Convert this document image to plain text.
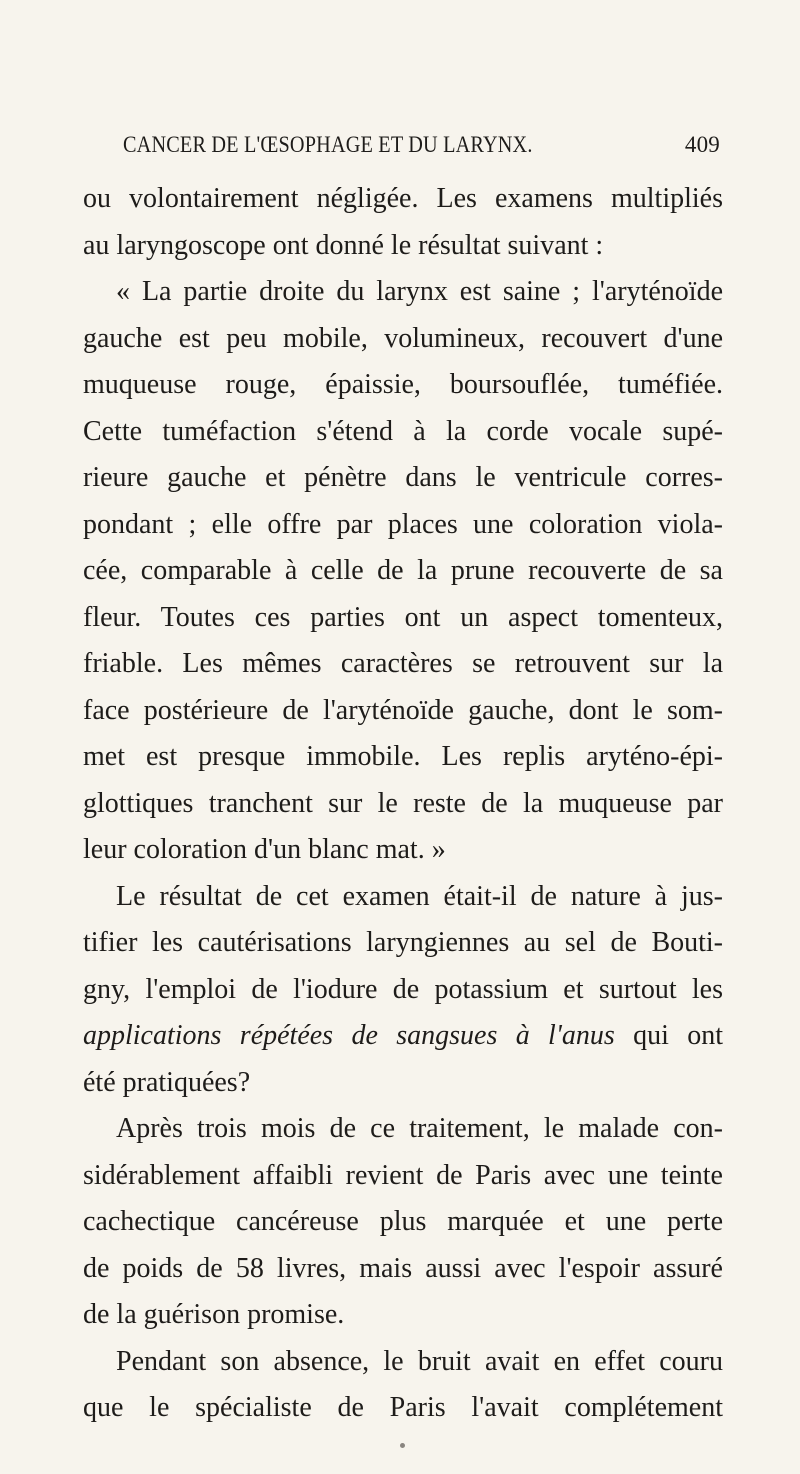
CANCER DE L'ŒSOPHAGE ET DU LARYNX.	409
ou volontairement négligée. Les examens multipliés
au laryngoscope ont donné le résultat suivant :
« La partie droite du larynx est saine ; l'aryténoïde
gauche est peu mobile, volumineux, recouvert d'une
muqueuse rouge, épaissie, boursouflée, tuméfiée.
Cette tuméfaction s'étend à la corde vocale supé-
rieure gauche et pénètre dans le ventricule corres-
pondant ; elle offre par places une coloration viola-
cée, comparable à celle de la prune recouverte de sa
fleur. Toutes ces parties ont un aspect tomenteux,
friable. Les mêmes caractères se retrouvent sur la
face postérieure de l'aryténoïde gauche, dont le som-
met est presque immobile. Les replis aryténo-épi-
glottiques tranchent sur le reste de la muqueuse par
leur coloration d'un blanc mat. »
Le résultat de cet examen était-il de nature à jus-
tifier les cautérisations laryngiennes au sel de Bouti-
gny, l'emploi de l'iodure de potassium et surtout les
applications répétées de sangsues à l'anus qui ont
été pratiquées?
Après trois mois de ce traitement, le malade con-
sidérablement affaibli revient de Paris avec une teinte
cachectique cancéreuse plus marquée et une perte
de poids de 58 livres, mais aussi avec l'espoir assuré
de la guérison promise.
Pendant son absence, le bruit avait en effet couru
que le spécialiste de Paris l'avait complétement
